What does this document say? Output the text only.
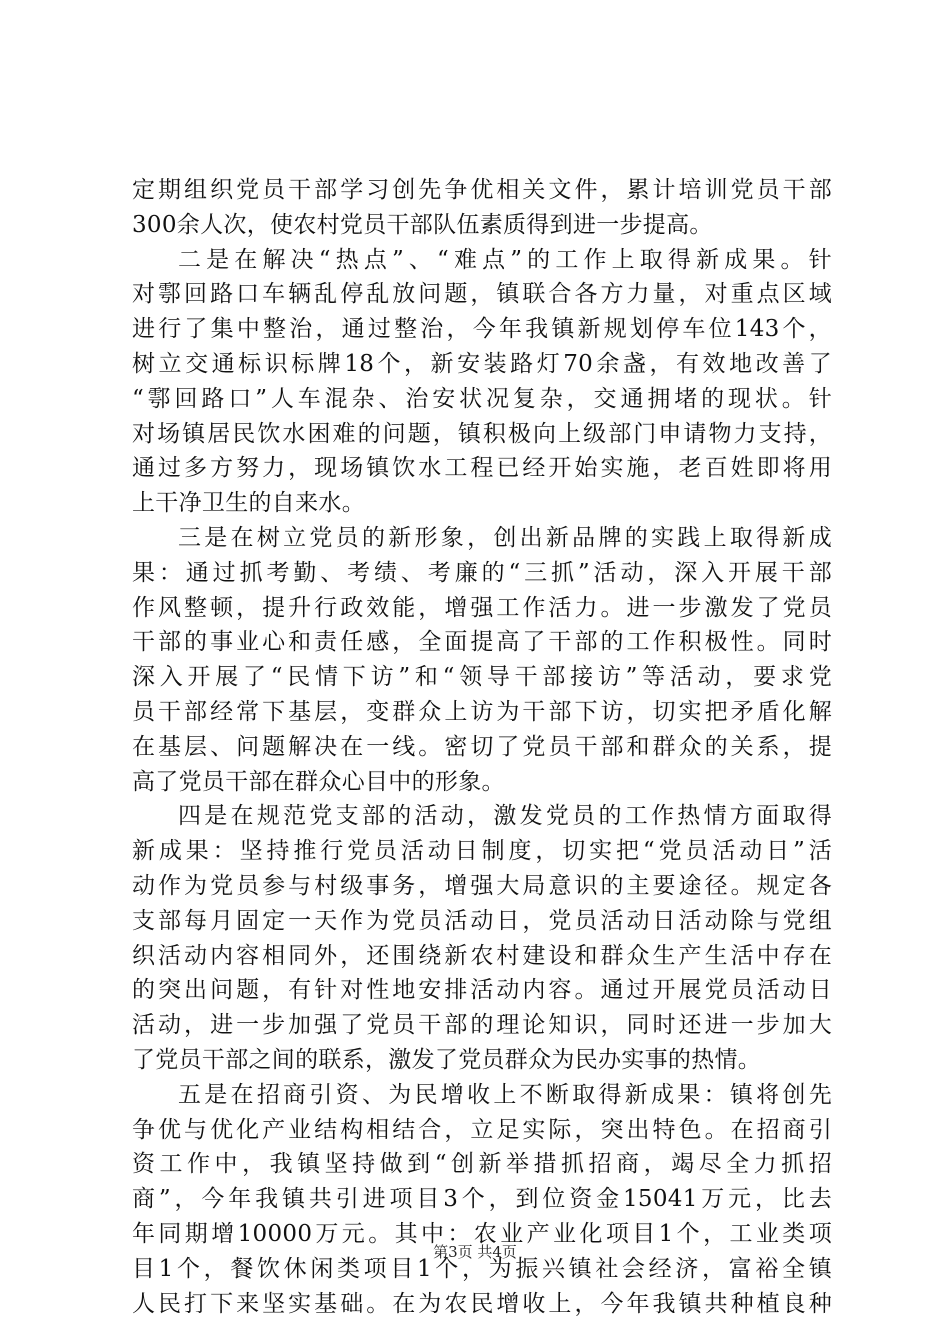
定期组织党员干部学习创先争优相关文件，累计培训党员干部
300余人次，使农村党员干部队伍素质得到进一步提高。
二是在解决“热点”、“难点”的工作上取得新成果。针
对鄠回路口车辆乱停乱放问题，镇联合各方力量，对重点区域
进行了集中整治，通过整治，今年我镇新规划停车位143个，
树立交通标识标牌18个，新安装路灯70余盏，有效地改善了
“鄠回路口”人车混杂、治安状况复杂，交通拥堵的现状。针
对场镇居民饮水困难的问题，镇积极向上级部门申请物力支持，
通过多方努力，现场镇饮水工程已经开始实施，老百姓即将用
上干净卫生的自来水。
三是在树立党员的新形象，创出新品牌的实践上取得新成
果：通过抓考勤、考绩、考廉的“三抓”活动，深入开展干部
作风整顿，提升行政效能，增强工作活力。进一步激发了党员
干部的事业心和责任感，全面提高了干部的工作积极性。同时
深入开展了“民情下访”和“领导干部接访”等活动，要求党
员干部经常下基层，变群众上访为干部下访，切实把矛盾化解
在基层、问题解决在一线。密切了党员干部和群众的关系，提
高了党员干部在群众心目中的形象。
四是在规范党支部的活动，激发党员的工作热情方面取得
新成果：坚持推行党员活动日制度，切实把“党员活动日”活
动作为党员参与村级事务，增强大局意识的主要途径。规定各
支部每月固定一天作为党员活动日，党员活动日活动除与党组
织活动内容相同外，还围绕新农村建设和群众生产生活中存在
的突出问题，有针对性地安排活动内容。通过开展党员活动日
活动，进一步加强了党员干部的理论知识，同时还进一步加大
了党员干部之间的联系，激发了党员群众为民办实事的热情。
五是在招商引资、为民增收上不断取得新成果：镇将创先
争优与优化产业结构相结合，立足实际，突出特色。在招商引
资工作中，我镇坚持做到“创新举措抓招商，竭尽全力抓招
商”，今年我镇共引进项目3个，到位资金15041万元，比去
年同期增10000万元。其中：农业产业化项目1个，工业类项
目1个，餐饮休闲类项目1个，为振兴镇社会经济，富裕全镇
人民打下来坚实基础。在为农民增收上，今年我镇共种植良种
第3页 共4页
